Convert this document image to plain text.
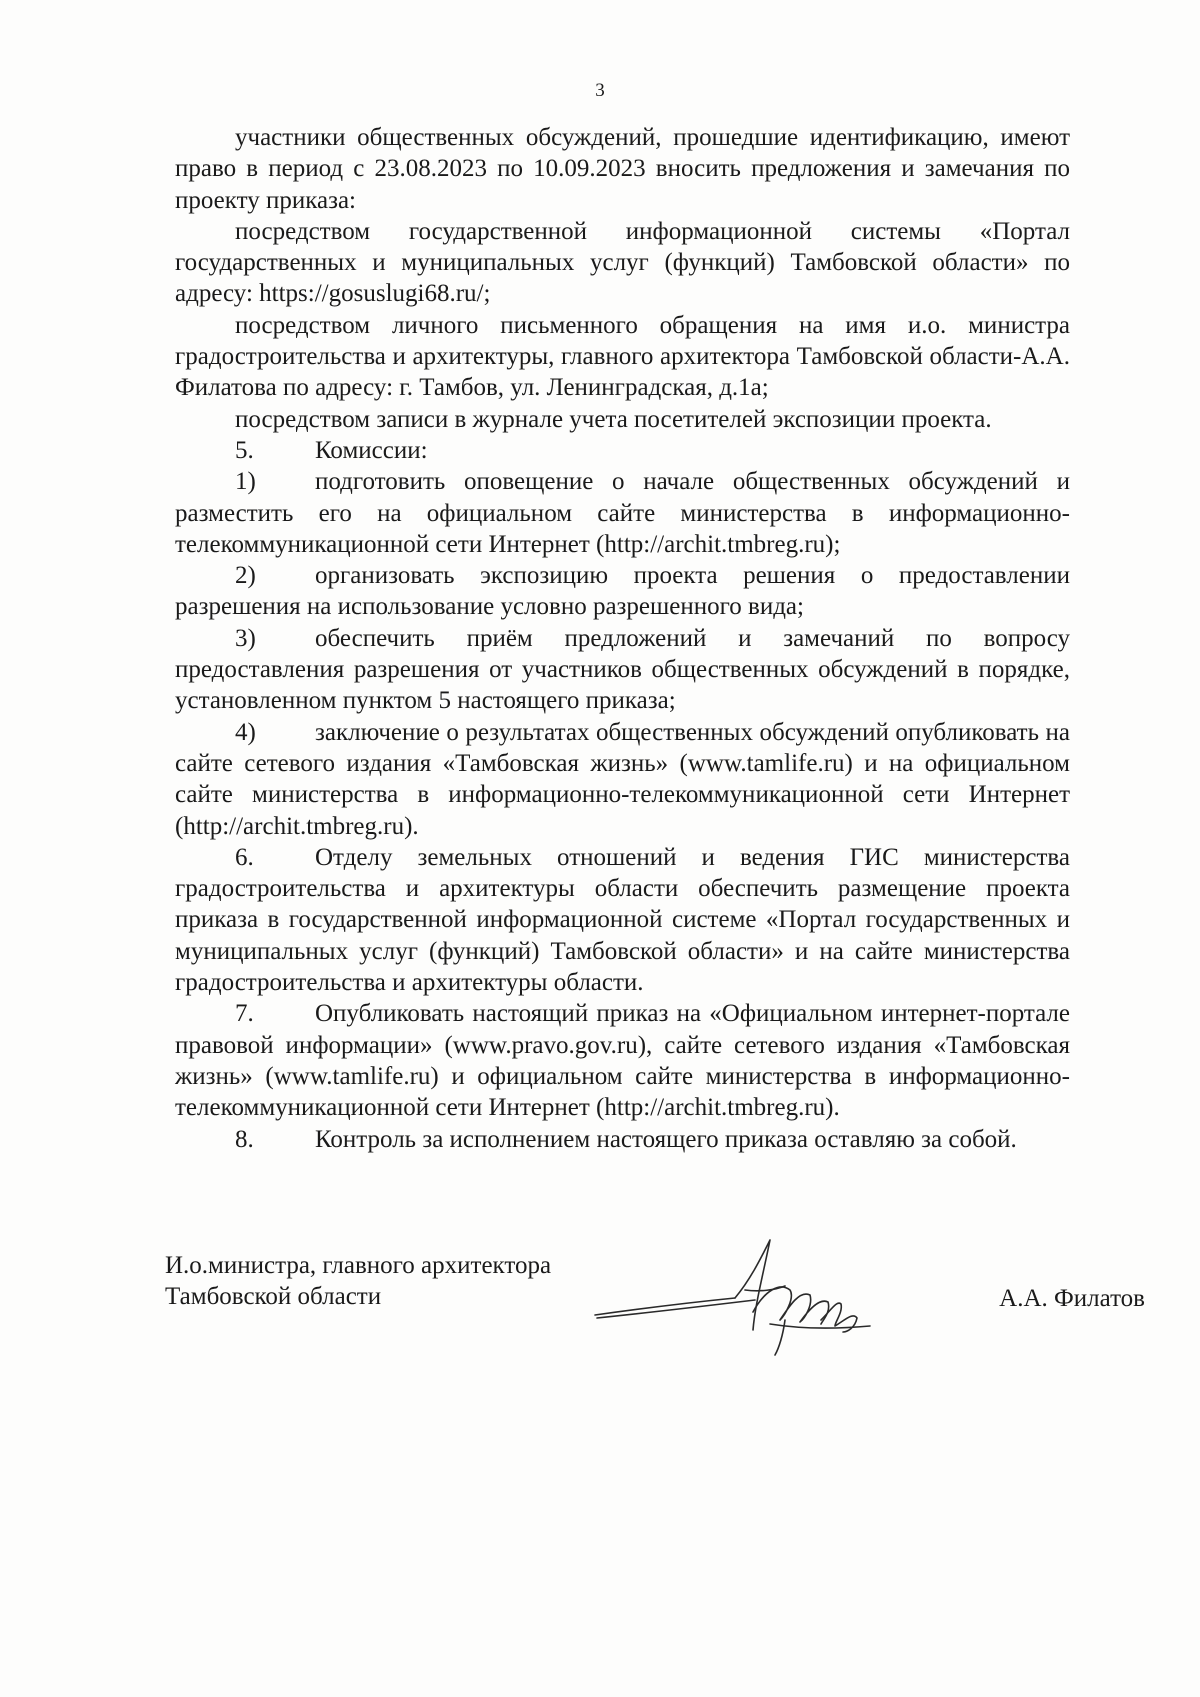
3

участники общественных обсуждений, прошедшие идентификацию, имеют право в период с 23.08.2023 по 10.09.2023 вносить предложения и замечания по проекту приказа:

посредством государственной информационной системы «Портал государственных и муниципальных услуг (функций) Тамбовской области» по адресу: https://gosuslugi68.ru/;

посредством личного письменного обращения на имя и.о. министра градостроительства и архитектуры, главного архитектора Тамбовской области-А.А. Филатова по адресу: г. Тамбов, ул. Ленинградская, д.1а;

посредством записи в журнале учета посетителей экспозиции проекта.

5. Комиссии:
1) подготовить оповещение о начале общественных обсуждений и разместить его на официальном сайте министерства в информационно-телекоммуникационной сети Интернет (http://archit.tmbreg.ru);
2) организовать экспозицию проекта решения о предоставлении разрешения на использование условно разрешенного вида;
3) обеспечить приём предложений и замечаний по вопросу предоставления разрешения от участников общественных обсуждений в порядке, установленном пунктом 5 настоящего приказа;
4) заключение о результатах общественных обсуждений опубликовать на сайте сетевого издания «Тамбовская жизнь» (www.tamlife.ru) и на официальном сайте министерства в информационно-телекоммуникационной сети Интернет (http://archit.tmbreg.ru).
6. Отделу земельных отношений и ведения ГИС министерства градостроительства и архитектуры области обеспечить размещение проекта приказа в государственной информационной системе «Портал государственных и муниципальных услуг (функций) Тамбовской области» и на сайте министерства градостроительства и архитектуры области.
7. Опубликовать настоящий приказ на «Официальном интернет-портале правовой информации» (www.pravo.gov.ru), сайте сетевого издания «Тамбовская жизнь» (www.tamlife.ru) и официальном сайте министерства в информационно-телекоммуникационной сети Интернет (http://archit.tmbreg.ru).
8. Контроль за исполнением настоящего приказа оставляю за собой.
И.о.министра, главного архитектора
Тамбовской области	А.А. Филатов
